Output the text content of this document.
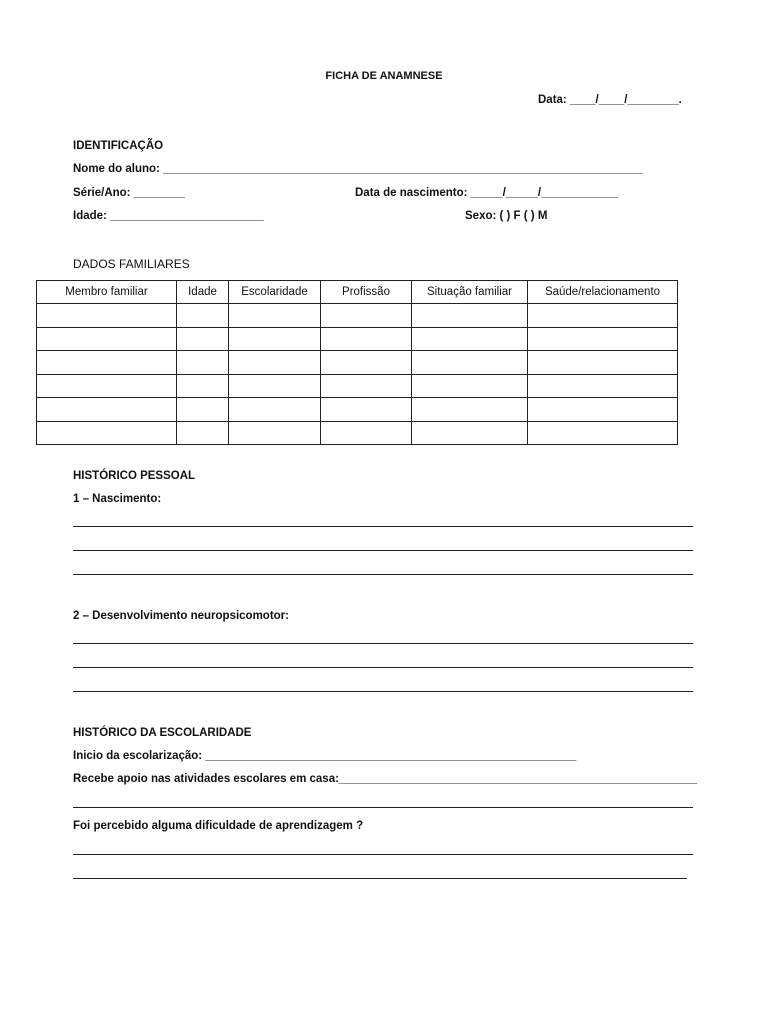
FICHA DE ANAMNESE
Data: ____/____/________.
IDENTIFICAÇÃO
Nome do aluno: ___________________________________________________________________________
Série/Ano: ________	Data de nascimento: _____/_____/____________
Idade: ________________________	Sexo: ( ) F ( ) M
DADOS FAMILIARES
Membro familiar	Idade	Escolaridade	Profissão	Situação familiar	Saúde/relacionamento

HISTÓRICO PESSOAL
1 – Nascimento:
2 – Desenvolvimento neuropsicomotor:
HISTÓRICO DA ESCOLARIDADE
Inicio da escolarização: __________________________________________________________
Recebe apoio nas atividades escolares em casa:________________________________________________________
Foi percebido alguma dificuldade de aprendizagem ?
